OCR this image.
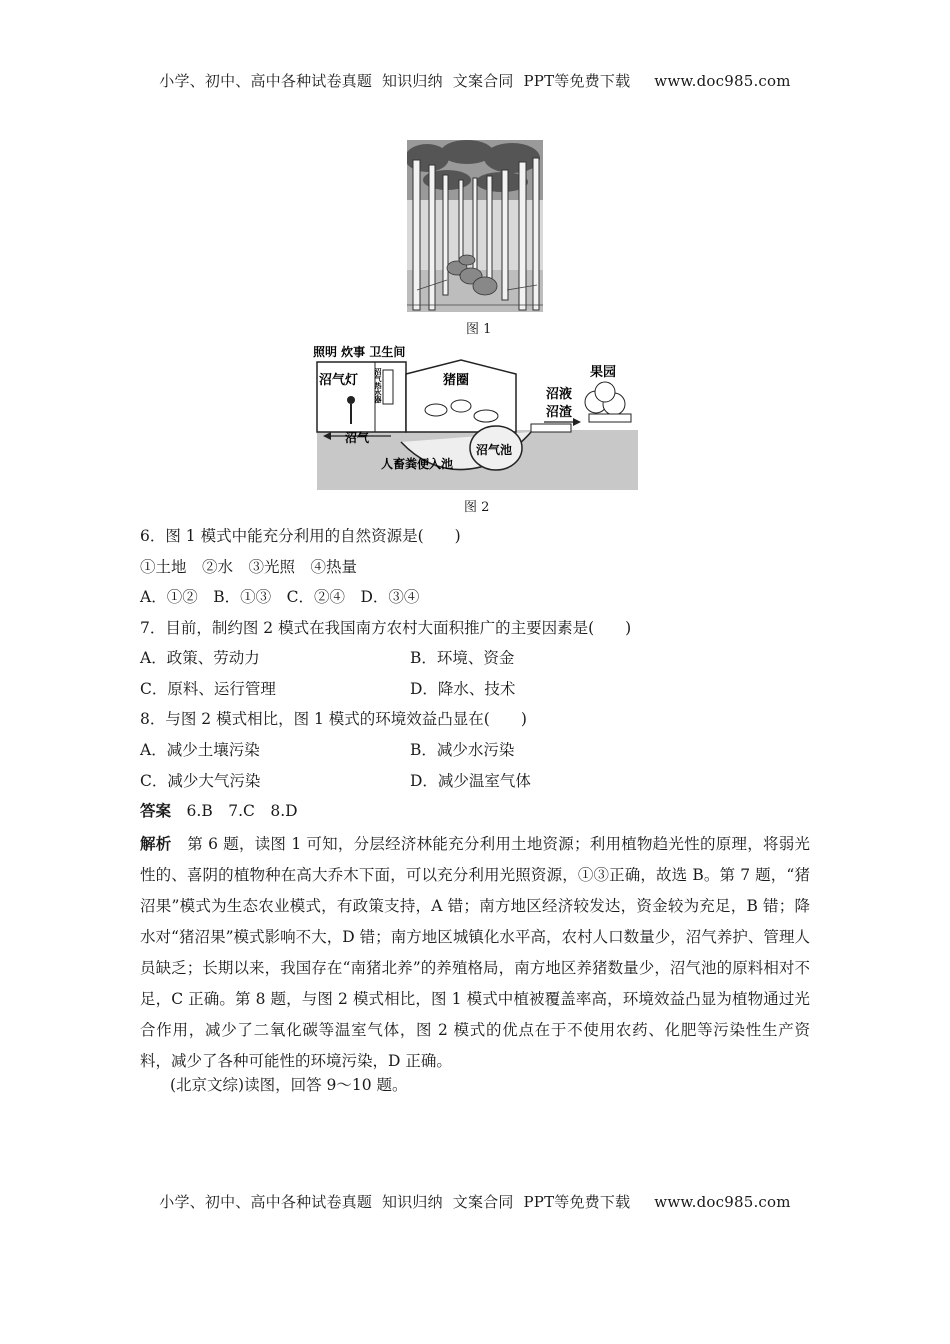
小学、初中、高中各种试卷真题  知识归纳  文案合同  PPT等免费下载 www.doc985.com
图 1
照明 炊事 卫生间
沼气灯 沼气热水器	猪圈
沼液
沼渣
果园
沼气
沼气池
人畜粪便入池
图 2
6．图 1 模式中能充分利用的自然资源是(　　)
①土地　②水　③光照　④热量
A．①②　B．①③　C．②④　D．③④
7．目前，制约图 2 模式在我国南方农村大面积推广的主要因素是(　　)
A．政策、劳动力	B．环境、资金
C．原料、运行管理	D．降水、技术
8．与图 2 模式相比，图 1 模式的环境效益凸显在(　　)
A．减少土壤污染	B．减少水污染
C．减少大气污染	D．减少温室气体
答案　 6.B　7.C　8.D

解析　 第 6 题，读图 1 可知，分层经济林能充分利用土地资源；利用植物趋光性的原理，将弱光性的、喜阴的植物种在高大乔木下面，可以充分利用光照资源，①③正确，故选 B。第 7 题，“猪沼果”模式为生态农业模式，有政策支持，A 错；南方地区经济较发达，资金较为充足，B 错；降水对“猪沼果”模式影响不大，D 错；南方地区城镇化水平高，农村人口数量少，沼气养护、管理人员缺乏；长期以来，我国存在“南猪北养”的养殖格局，南方地区养猪数量少，沼气池的原料相对不足，C 正确。第 8 题，与图 2 模式相比，图 1 模式中植被覆盖率高，环境效益凸显为植物通过光合作用，减少了二氧化碳等温室气体，图 2 模式的优点在于不使用农药、化肥等污染性生产资料，减少了各种可能性的环境污染，D 正确。

(北京文综)读图，回答 9～10 题。
小学、初中、高中各种试卷真题  知识归纳  文案合同  PPT等免费下载 www.doc985.com
